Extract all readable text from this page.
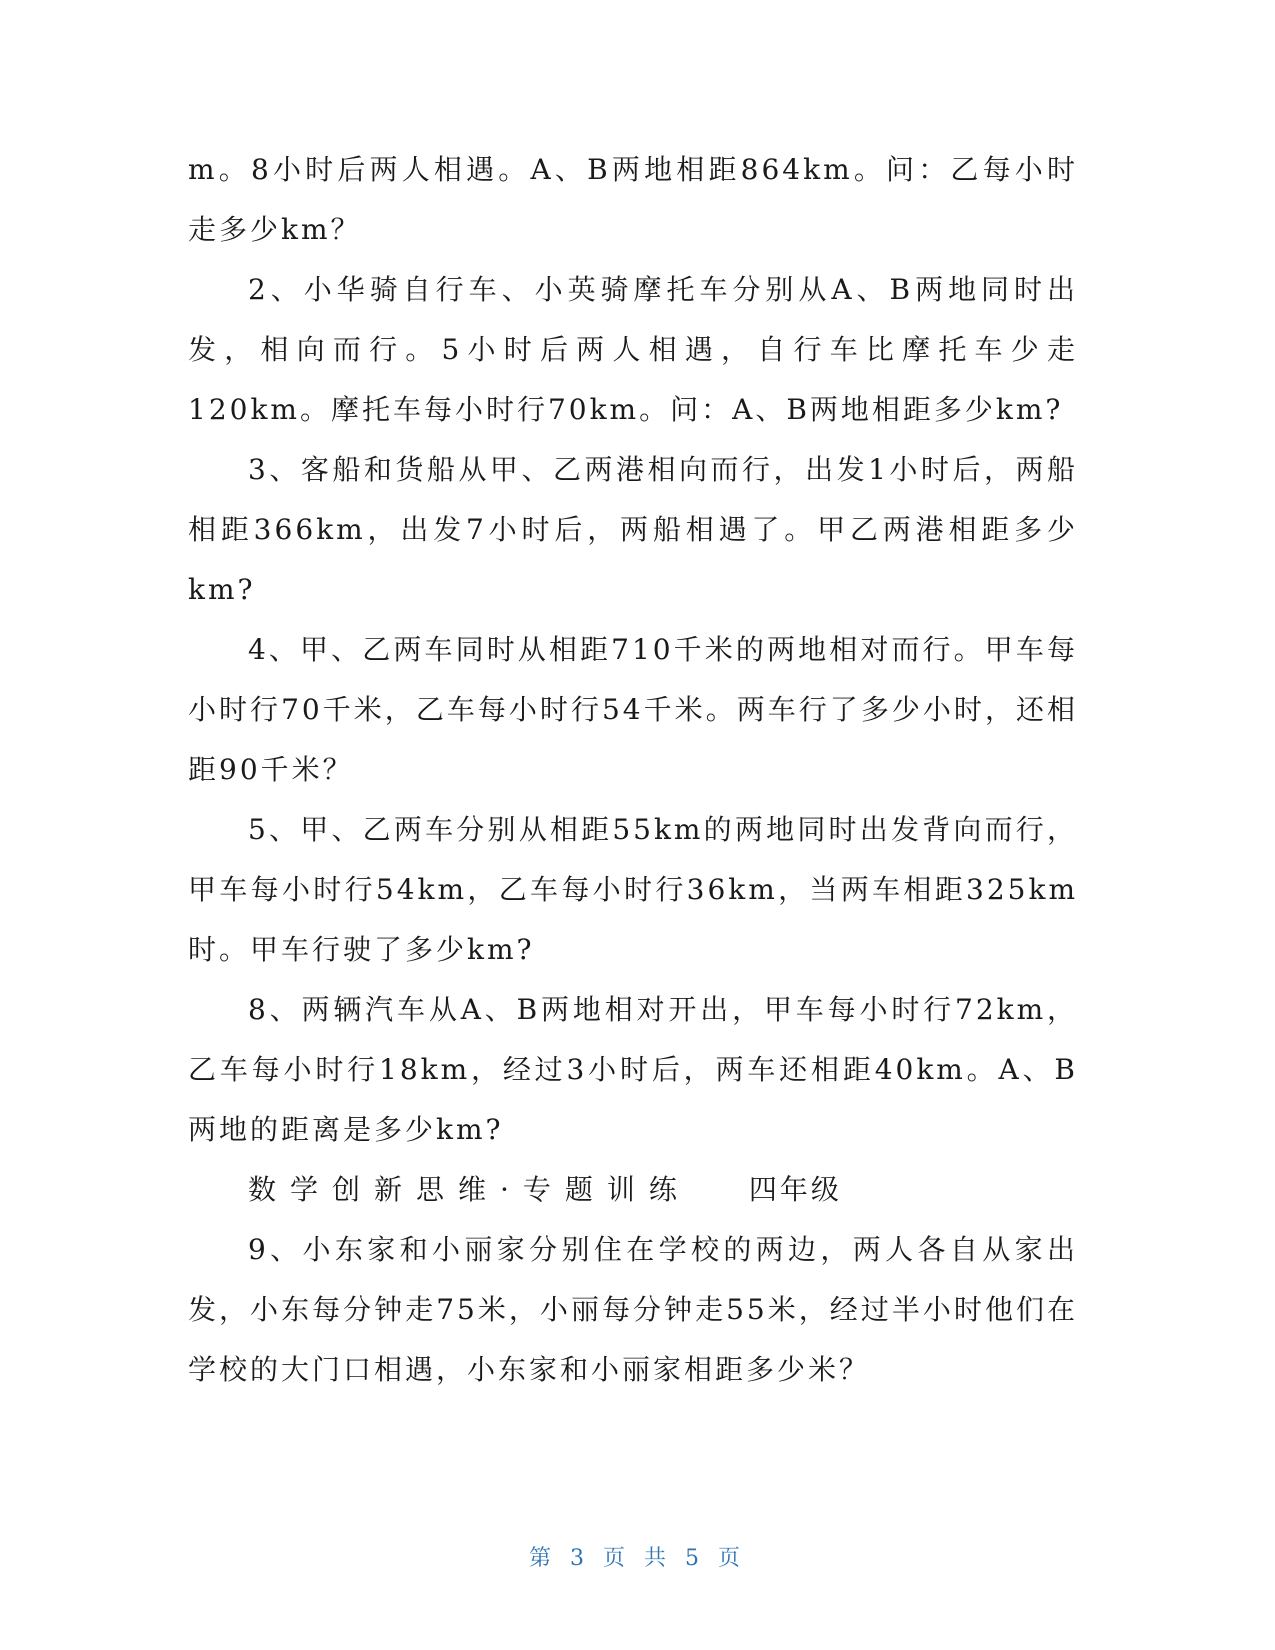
m。8小时后两人相遇。A、B两地相距864km。问：乙每小时走多少km？

2、小华骑自行车、小英骑摩托车分别从A、B两地同时出发，相向而行。5小时后两人相遇，自行车比摩托车少走120km。摩托车每小时行70km。问：A、B两地相距多少km?

3、客船和货船从甲、乙两港相向而行，出发1小时后，两船相距366km，出发7小时后，两船相遇了。甲乙两港相距多少km?

4、甲、乙两车同时从相距710千米的两地相对而行。甲车每小时行70千米，乙车每小时行54千米。两车行了多少小时，还相距90千米？

5、甲、乙两车分别从相距55km的两地同时出发背向而行，甲车每小时行54km，乙车每小时行36km，当两车相距325km时。甲车行驶了多少km?

8、两辆汽车从A、B两地相对开出，甲车每小时行72km，乙车每小时行18km，经过3小时后，两车还相距40km。A、B两地的距离是多少km?

数学创新思维·专题训练 四年级

9、小东家和小丽家分别住在学校的两边，两人各自从家出发，小东每分钟走75米，小丽每分钟走55米，经过半小时他们在学校的大门口相遇，小东家和小丽家相距多少米？

第 3 页 共 5 页
